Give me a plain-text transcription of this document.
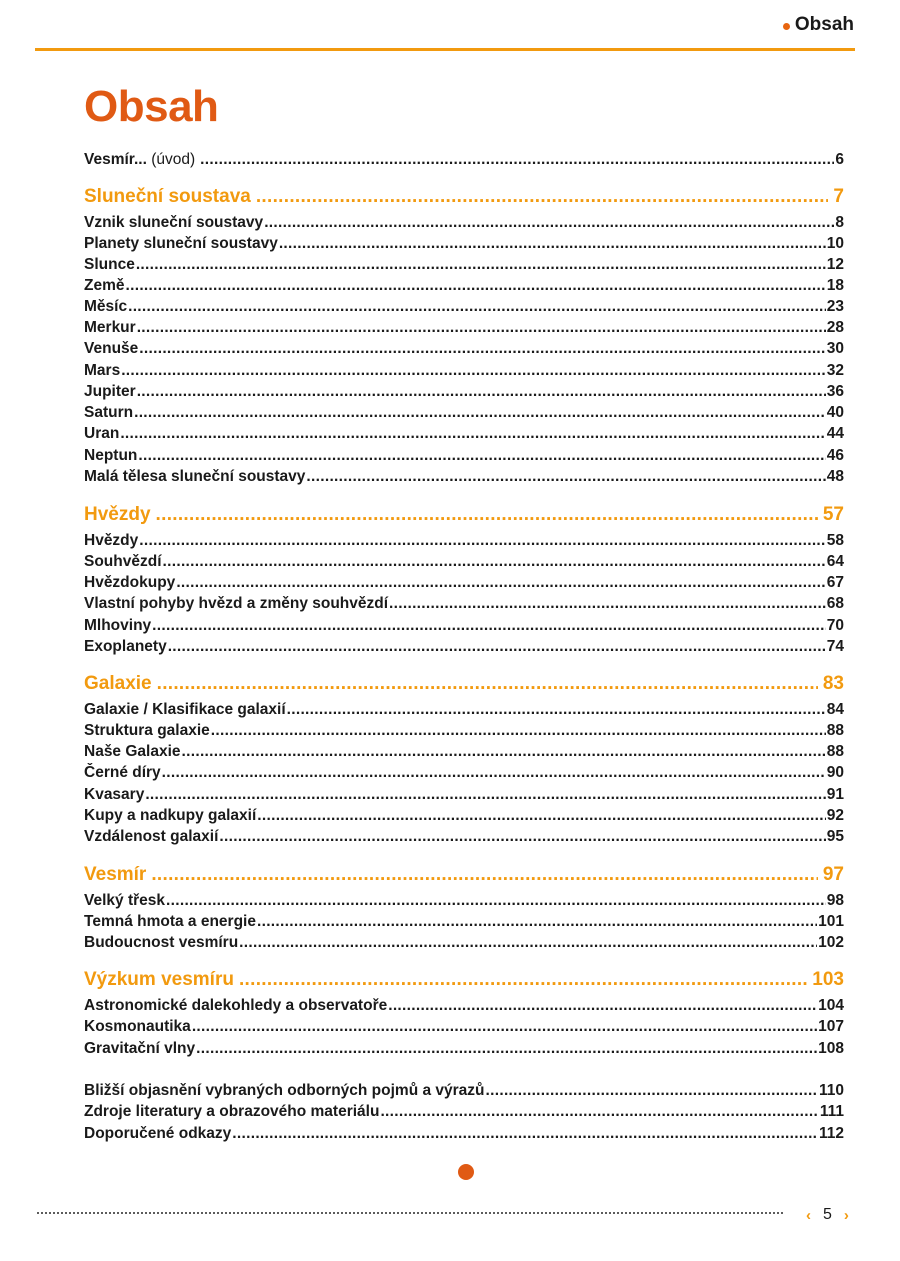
Obsah
Obsah
Vesmír... (úvod) .....	6
Sluneční soustava .....	7
Vznik sluneční soustavy .....	8
Planety sluneční soustavy .....	10
Slunce .....	12
Země .....	18
Měsíc .....	23
Merkur .....	28
Venuše .....	30
Mars .....	32
Jupiter .....	36
Saturn .....	40
Uran .....	44
Neptun .....	46
Malá tělesa sluneční soustavy .....	48
Hvězdy .....	57
Hvězdy .....	58
Souhvězdí .....	64
Hvězdokupy .....	67
Vlastní pohyby hvězd a změny souhvězdí .....	68
Mlhoviny .....	70
Exoplanety .....	74
Galaxie .....	83
Galaxie / Klasifikace galaxií .....	84
Struktura galaxie .....	88
Naše Galaxie .....	88
Černé díry .....	90
Kvasary .....	91
Kupy a nadkupy galaxií .....	92
Vzdálenost galaxií .....	95
Vesmír .....	97
Velký třesk .....	98
Temná hmota a energie .....	101
Budoucnost vesmíru .....	102
Výzkum vesmíru .....	103
Astronomické dalekohledy a observatoře .....	104
Kosmonautika .....	107
Gravitační vlny .....	108
Bližší objasnění vybraných odborných pojmů a výrazů .....	110
Zdroje literatury a obrazového materiálu .....	111
Doporučené odkazy .....	112
‹ 5 ›
